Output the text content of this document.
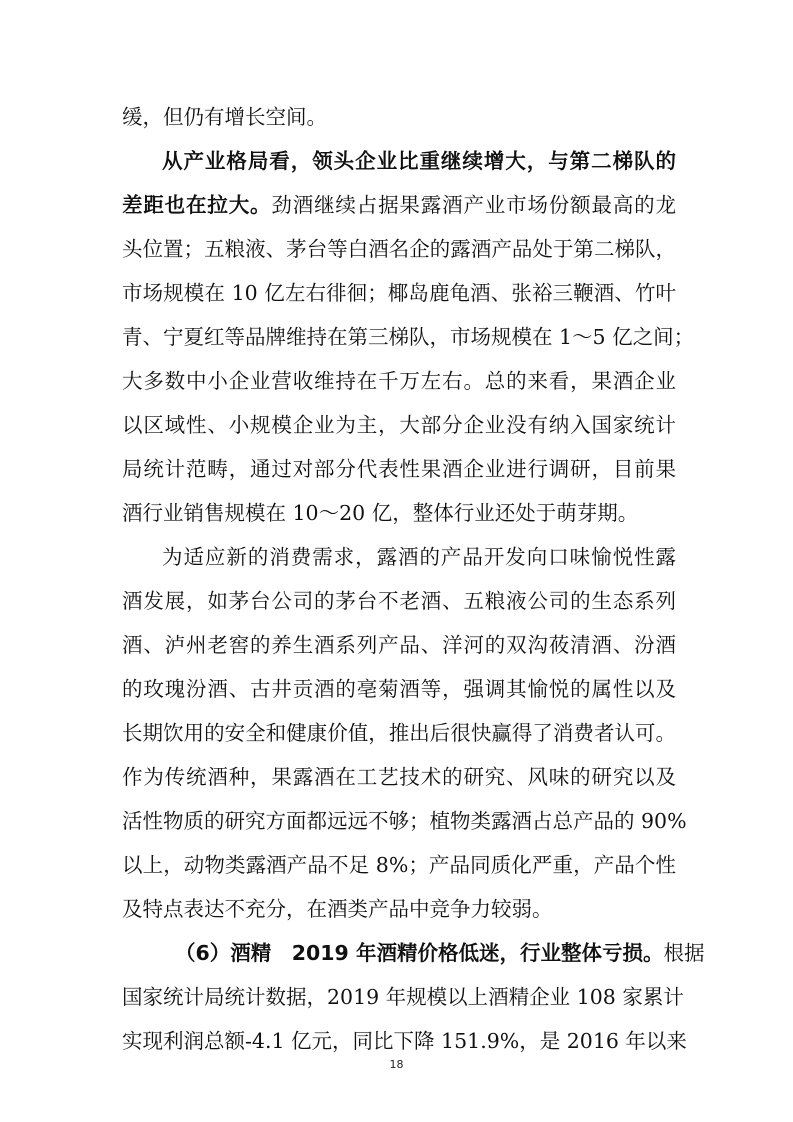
缓，但仍有增长空间。
从产业格局看，领头企业比重继续增大，与第二梯队的
差距也在拉大。劲酒继续占据果露酒产业市场份额最高的龙
头位置；五粮液、茅台等白酒名企的露酒产品处于第二梯队，
市场规模在 10 亿左右徘徊；椰岛鹿龟酒、张裕三鞭酒、竹叶
青、宁夏红等品牌维持在第三梯队，市场规模在 1～5 亿之间；
大多数中小企业营收维持在千万左右。总的来看，果酒企业
以区域性、小规模企业为主，大部分企业没有纳入国家统计
局统计范畴，通过对部分代表性果酒企业进行调研，目前果
酒行业销售规模在 10～20 亿，整体行业还处于萌芽期。
为适应新的消费需求，露酒的产品开发向口味愉悦性露
酒发展，如茅台公司的茅台不老酒、五粮液公司的生态系列
酒、泸州老窖的养生酒系列产品、洋河的双沟莜清酒、汾酒
的玫瑰汾酒、古井贡酒的亳菊酒等，强调其愉悦的属性以及
长期饮用的安全和健康价值，推出后很快赢得了消费者认可。
作为传统酒种，果露酒在工艺技术的研究、风味的研究以及
活性物质的研究方面都远远不够；植物类露酒占总产品的 90%
以上，动物类露酒产品不足 8%；产品同质化严重，产品个性
及特点表达不充分，在酒类产品中竞争力较弱。
（6）酒精　2019 年酒精价格低迷，行业整体亏损。根据
国家统计局统计数据，2019 年规模以上酒精企业 108 家累计
实现利润总额-4.1 亿元，同比下降 151.9%，是 2016 年以来
18
